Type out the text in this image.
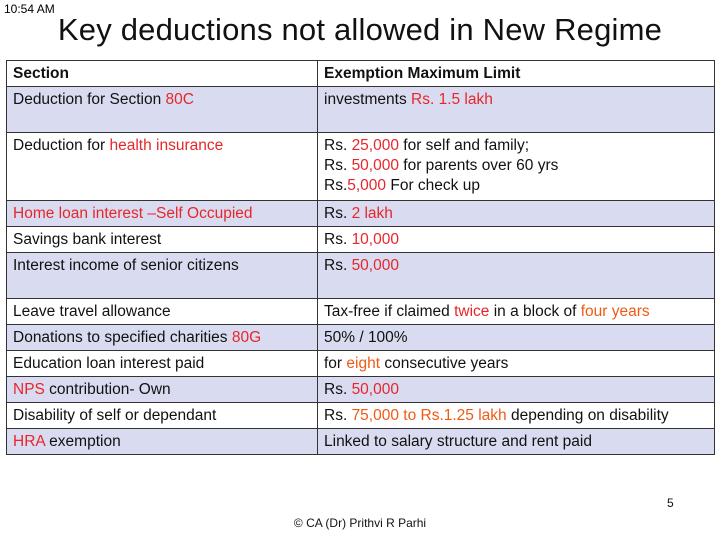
10:54 AM
Key deductions not allowed in New Regime
Section	Exemption Maximum Limit
Deduction for Section 80C	investments Rs. 1.5 lakh
Deduction for health insurance	Rs. 25,000 for self and family;
Rs. 50,000 for parents over 60 yrs
Rs.5,000 For check up

Home loan interest –Self Occupied	Rs. 2 lakh
Savings bank interest	Rs. 10,000
Interest income of senior citizens	Rs. 50,000
Leave travel allowance	Tax-free if claimed twice in a block of four years
Donations to specified charities 80G	50% / 100%
Education loan interest paid	for eight consecutive years
NPS contribution- Own	Rs. 50,000
Disability of self or dependant	Rs. 75,000 to Rs.1.25 lakh depending on disability
HRA exemption	Linked to salary structure and rent paid
5
© CA (Dr) Prithvi R Parhi
